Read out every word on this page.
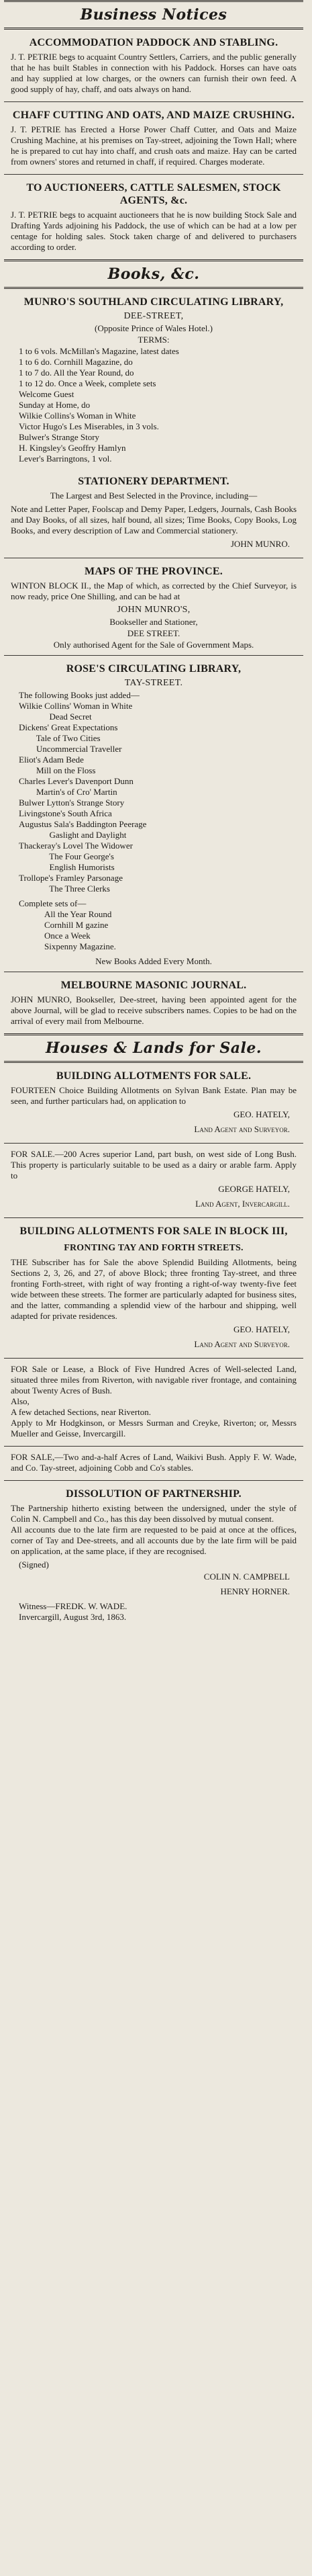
Business Notices
ACCOMMODATION PADDOCK AND STABLING.
J. T. PETRIE begs to acquaint Country Settlers, Carriers, and the public generally that he has built Stables in connection with his Paddock. Horses can have oats and hay supplied at low charges, or the owners can furnish their own feed. A good supply of hay, chaff, and oats always on hand.
CHAFF CUTTING AND OATS, AND MAIZE CRUSHING.
J. T. PETRIE has Erected a Horse Power Chaff Cutter, and Oats and Maize Crushing Machine, at his premises on Tay-street, adjoining the Town Hall; where he is prepared to cut hay into chaff, and crush oats and maize. Hay can be carted from owners' stores and returned in chaff, if required. Charges moderate.
TO AUCTIONEERS, CATTLE SALESMEN, STOCK AGENTS, &c.
J. T. PETRIE begs to acquaint auctioneers that he is now building Stock Sale and Drafting Yards adjoining his Paddock, the use of which can be had at a low per centage for holding sales. Stock taken charge of and delivered to purchasers according to order.
Books, &c.
MUNRO'S SOUTHLAND CIRCULATING LIBRARY,
DEE-STREET,
(Opposite Prince of Wales Hotel.)
TERMS:
1 to 6 vols. McMillan's Magazine, latest dates
1 to 6 do. Cornhill Magazine, do
1 to 7 do. All the Year Round, do
1 to 12 do. Once a Week, complete sets
Welcome Guest
Sunday at Home, do
Wilkie Collins's Woman in White
Victor Hugo's Les Miserables, in 3 vols.
Bulwer's Strange Story
H. Kingsley's Geoffry Hamlyn
Lever's Barringtons, 1 vol.
STATIONERY DEPARTMENT.
The Largest and Best Selected in the Province, including—
Note and Letter Paper, Foolscap and Demy Paper, Ledgers, Journals, Cash Books and Day Books, of all sizes, half bound, all sizes; Time Books, Copy Books, Log Books, and every description of Law and Commercial stationery.
JOHN MUNRO.
MAPS OF THE PROVINCE.
WINTON BLOCK II., the Map of which, as corrected by the Chief Surveyor, is now ready, price One Shilling, and can be had at
JOHN MUNRO'S,
Bookseller and Stationer,
DEE STREET.
Only authorised Agent for the Sale of Government Maps.
ROSE'S CIRCULATING LIBRARY,
TAY-STREET.
The following Books just added—
Wilkie Collins' Woman in White
Dead Secret
Dickens' Great Expectations
Tale of Two Cities
Uncommercial Traveller
Eliot's Adam Bede
Mill on the Floss
Charles Lever's Davenport Dunn
Martin's of Cro' Martin
Bulwer Lytton's Strange Story
Livingstone's South Africa
Augustus Sala's Baddington Peerage
Gaslight and Daylight
Thackeray's Lovel The Widower
The Four George's
English Humorists
Trollope's Framley Parsonage
The Three Clerks
Complete sets of—
All the Year Round
Cornhill M gazine
Once a Week
Sixpenny Magazine.
New Books Added Every Month.
MELBOURNE MASONIC JOURNAL.
JOHN MUNRO, Bookseller, Dee-street, having been appointed agent for the above Journal, will be glad to receive subscribers names. Copies to be had on the arrival of every mail from Melbourne.
Houses & Lands for Sale.
BUILDING ALLOTMENTS FOR SALE.
FOURTEEN Choice Building Allotments on Sylvan Bank Estate. Plan may be seen, and further particulars had, on application to
GEO. HATELY,
Land Agent and Surveyor.
FOR SALE.—200 Acres superior Land, part bush, on west side of Long Bush. This property is particularly suitable to be used as a dairy or arable farm. Apply to
GEORGE HATELY,
Land Agent, Invercargill.
BUILDING ALLOTMENTS FOR SALE IN BLOCK III,
FRONTING TAY AND FORTH STREETS.
THE Subscriber has for Sale the above Splendid Building Allotments, being Sections 2, 3, 26, and 27, of above Block; three fronting Tay-street, and three fronting Forth-street, with right of way fronting a right-of-way twenty-five feet wide between these streets. The former are particularly adapted for business sites, and the latter, commanding a splendid view of the harbour and shipping, well adapted for private residences.
GEO. HATELY,
Land Agent and Surveyor.
FOR Sale or Lease, a Block of Five Hundred Acres of Well-selected Land, situated three miles from Riverton, with navigable river frontage, and containing about Twenty Acres of Bush.
Also,
A few detached Sections, near Riverton.
Apply to Mr Hodgkinson, or Messrs Surman and Creyke, Riverton; or, Messrs Mueller and Geisse, Invercargill.
FOR SALE,—Two and-a-half Acres of Land, Waikivi Bush. Apply F. W. Wade, and Co. Tay-street, adjoining Cobb and Co's stables.
DISSOLUTION OF PARTNERSHIP.
The Partnership hitherto existing between the undersigned, under the style of Colin N. Campbell and Co., has this day been dissolved by mutual consent.
All accounts due to the late firm are requested to be paid at once at the offices, corner of Tay and Dee-streets, and all accounts due by the late firm will be paid on application, at the same place, if they are recognised.
(Signed)
COLIN N. CAMPBELL
HENRY HORNER.
Witness—FREDK. W. WADE.
Invercargill, August 3rd, 1863.
